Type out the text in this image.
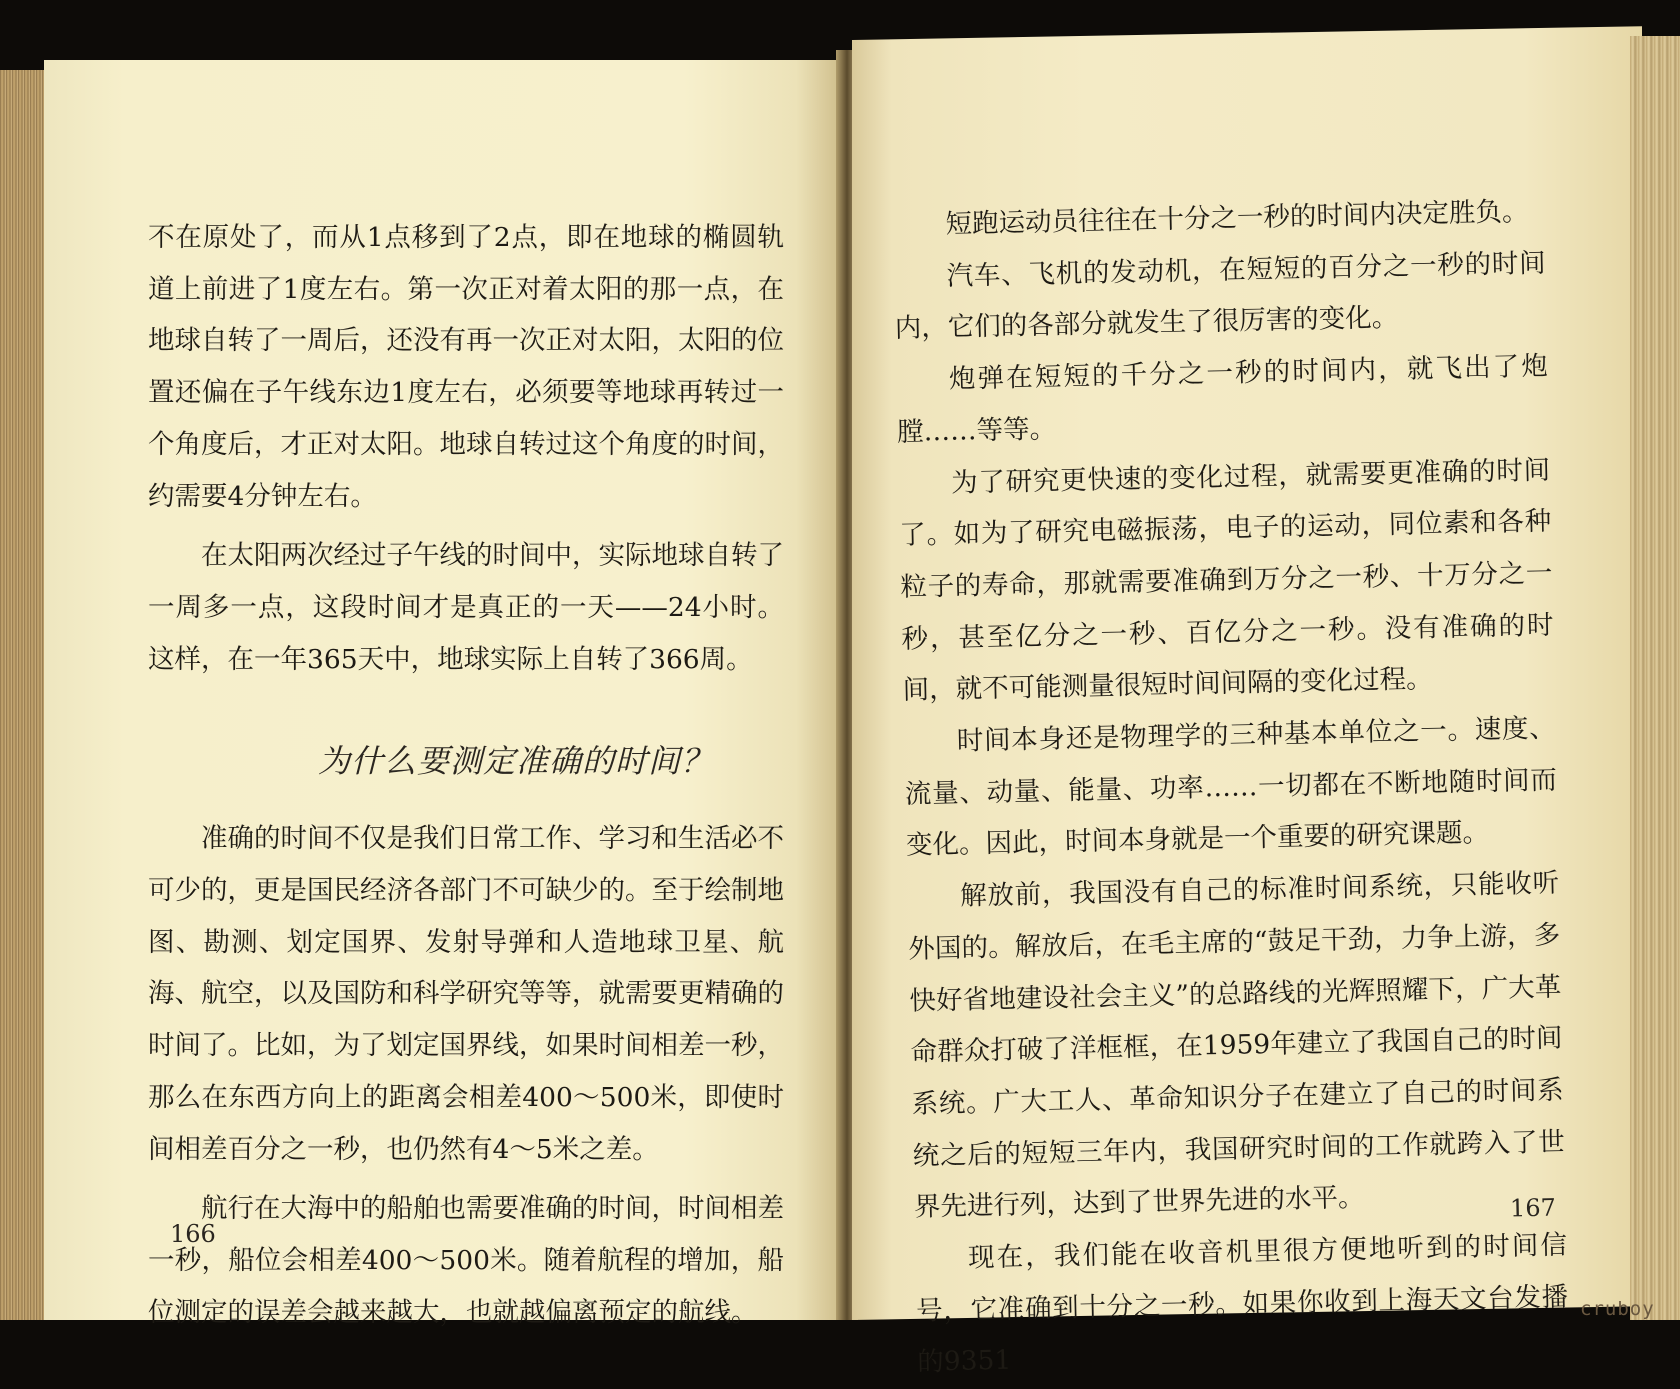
不在原处了，而从1点移到了2点，即在地球的椭圆轨道上前进了1度左右。第一次正对着太阳的那一点，在地球自转了一周后，还没有再一次正对太阳，太阳的位置还偏在子午线东边1度左右，必须要等地球再转过一个角度后，才正对太阳。地球自转过这个角度的时间，约需要4分钟左右。

在太阳两次经过子午线的时间中，实际地球自转了一周多一点，这段时间才是真正的一天——24小时。这样，在一年365天中，地球实际上自转了366周。

为什么要测定准确的时间？

准确的时间不仅是我们日常工作、学习和生活必不可少的，更是国民经济各部门不可缺少的。至于绘制地图、勘测、划定国界、发射导弹和人造地球卫星、航海、航空，以及国防和科学研究等等，就需要更精确的时间了。比如，为了划定国界线，如果时间相差一秒，那么在东西方向上的距离会相差400～500米，即使时间相差百分之一秒，也仍然有4～5米之差。

航行在大海中的船舶也需要准确的时间，时间相差一秒，船位会相差400～500米。随着航程的增加，船位测定的误差会越来越大，也就越偏离预定的航线。

166

短跑运动员往往在十分之一秒的时间内决定胜负。

汽车、飞机的发动机，在短短的百分之一秒的时间内，它们的各部分就发生了很厉害的变化。

炮弹在短短的千分之一秒的时间内，就飞出了炮膛……等等。

为了研究更快速的变化过程，就需要更准确的时间了。如为了研究电磁振荡，电子的运动，同位素和各种粒子的寿命，那就需要准确到万分之一秒、十万分之一秒，甚至亿分之一秒、百亿分之一秒。没有准确的时间，就不可能测量很短时间间隔的变化过程。

时间本身还是物理学的三种基本单位之一。速度、流量、动量、能量、功率……一切都在不断地随时间而变化。因此，时间本身就是一个重要的研究课题。

解放前，我国没有自己的标准时间系统，只能收听外国的。解放后，在毛主席的“鼓足干劲，力争上游，多快好省地建设社会主义”的总路线的光辉照耀下，广大革命群众打破了洋框框，在1959年建立了我国自己的时间系统。广大工人、革命知识分子在建立了自己的时间系统之后的短短三年内，我国研究时间的工作就跨入了世界先进行列，达到了世界先进的水平。

现在，我们能在收音机里很方便地听到的时间信号，它准确到十分之一秒。如果你收到上海天文台发播的9351

167
cruboy
